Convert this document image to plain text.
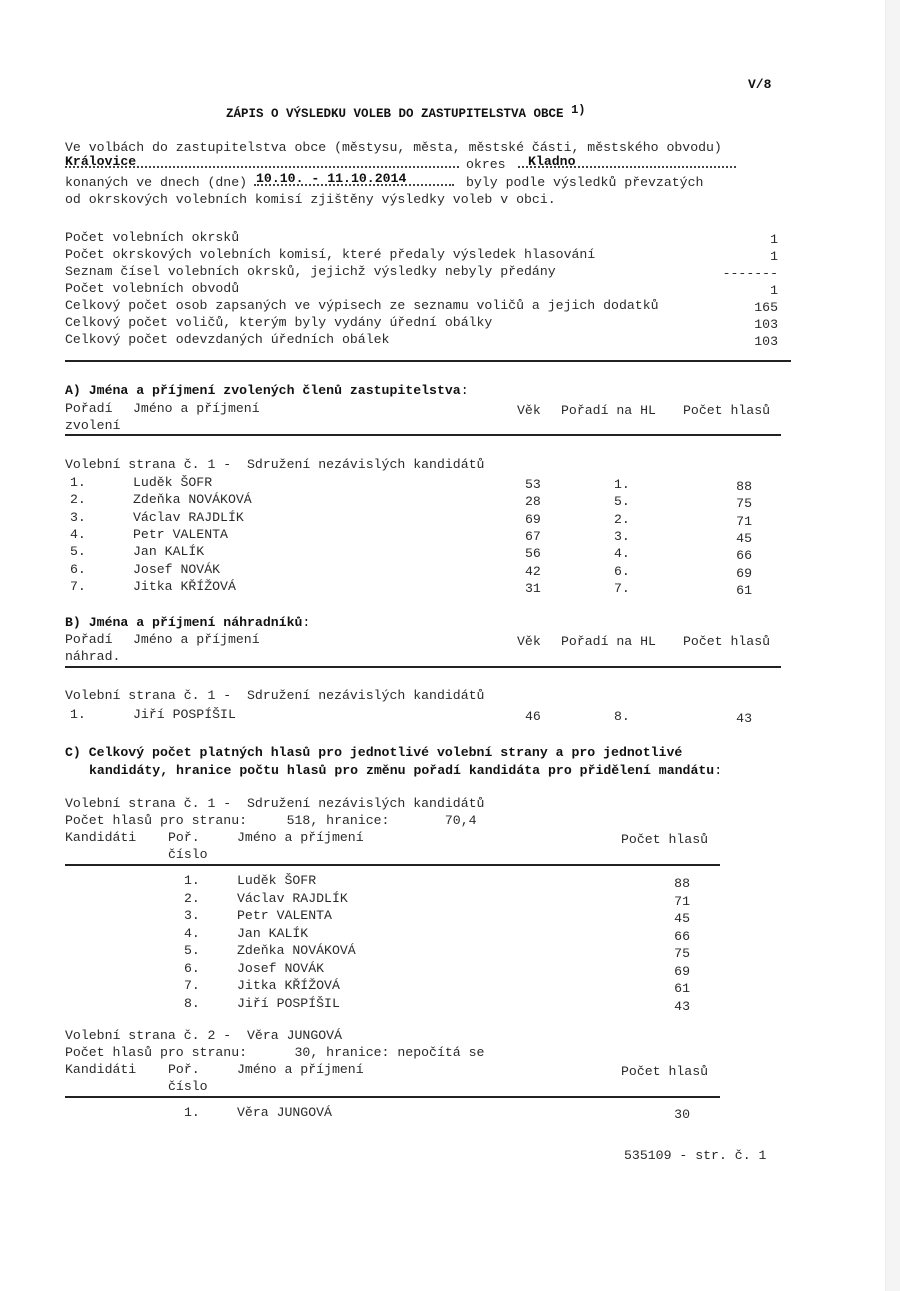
V/8
ZÁPIS O VÝSLEDKU VOLEB DO ZASTUPITELSTVA OBCE 1)
Ve volbách do zastupitelstva obce (městysu, města, městské části, městského obvodu)
Královice	okres Kladno
konaných ve dnech (dne) 10.10. - 11.10.2014	byly podle výsledků převzatých
od okrskových volebních komisí zjištěny výsledky voleb v obci.
Počet volebních okrsků	1
Počet okrskových volebních komisí, které předaly výsledek hlasování	1
Seznam čísel volebních okrsků, jejichž výsledky nebyly předány	-------
Počet volebních obvodů	1
Celkový počet osob zapsaných ve výpisech ze seznamu voličů a jejich dodatků	165
Celkový počet voličů, kterým byly vydány úřední obálky	103
Celkový počet odevzdaných úředních obálek	103
A) Jména a příjmení zvolených členů zastupitelstva:
Pořadí
zvolení
Jméno a příjmení	Věk Pořadí na HL Počet hlasů
Volební strana č. 1 -  Sdružení nezávislých kandidátů
1.	Luděk ŠOFR	53	1.	88
2.	Zdeňka NOVÁKOVÁ	28	5.	75
3.	Václav RAJDLÍK	69	2.	71
4.	Petr VALENTA	67	3.	45
5.	Jan KALÍK	56	4.	66
6.	Josef NOVÁK	42	6.	69
7.	Jitka KŘÍŽOVÁ	31	7.	61
B) Jména a příjmení náhradníků:
Pořadí
náhrad.
Jméno a příjmení	Věk Pořadí na HL Počet hlasů
Volební strana č. 1 -  Sdružení nezávislých kandidátů
1.	Jiří POSPÍŠIL	46	8.	43
C) Celkový počet platných hlasů pro jednotlivé volební strany a pro jednotlivé
kandidáty, hranice počtu hlasů pro změnu pořadí kandidáta pro přidělení mandátu:
Volební strana č. 1 -  Sdružení nezávislých kandidátů
Počet hlasů pro stranu:     518, hranice:       70,4
Kandidáti Poř.
číslo
Jméno a příjmení	Počet hlasů
1.	Luděk ŠOFR	88
2.	Václav RAJDLÍK	71
3.	Petr VALENTA	45
4.	Jan KALÍK	66
5.	Zdeňka NOVÁKOVÁ	75
6.	Josef NOVÁK	69
7.	Jitka KŘÍŽOVÁ	61
8.	Jiří POSPÍŠIL	43
Volební strana č. 2 -  Věra JUNGOVÁ
Počet hlasů pro stranu:      30, hranice: nepočítá se
Kandidáti Poř.
číslo
Jméno a příjmení	Počet hlasů
1.	Věra JUNGOVÁ	30
535109 - str. č. 1
